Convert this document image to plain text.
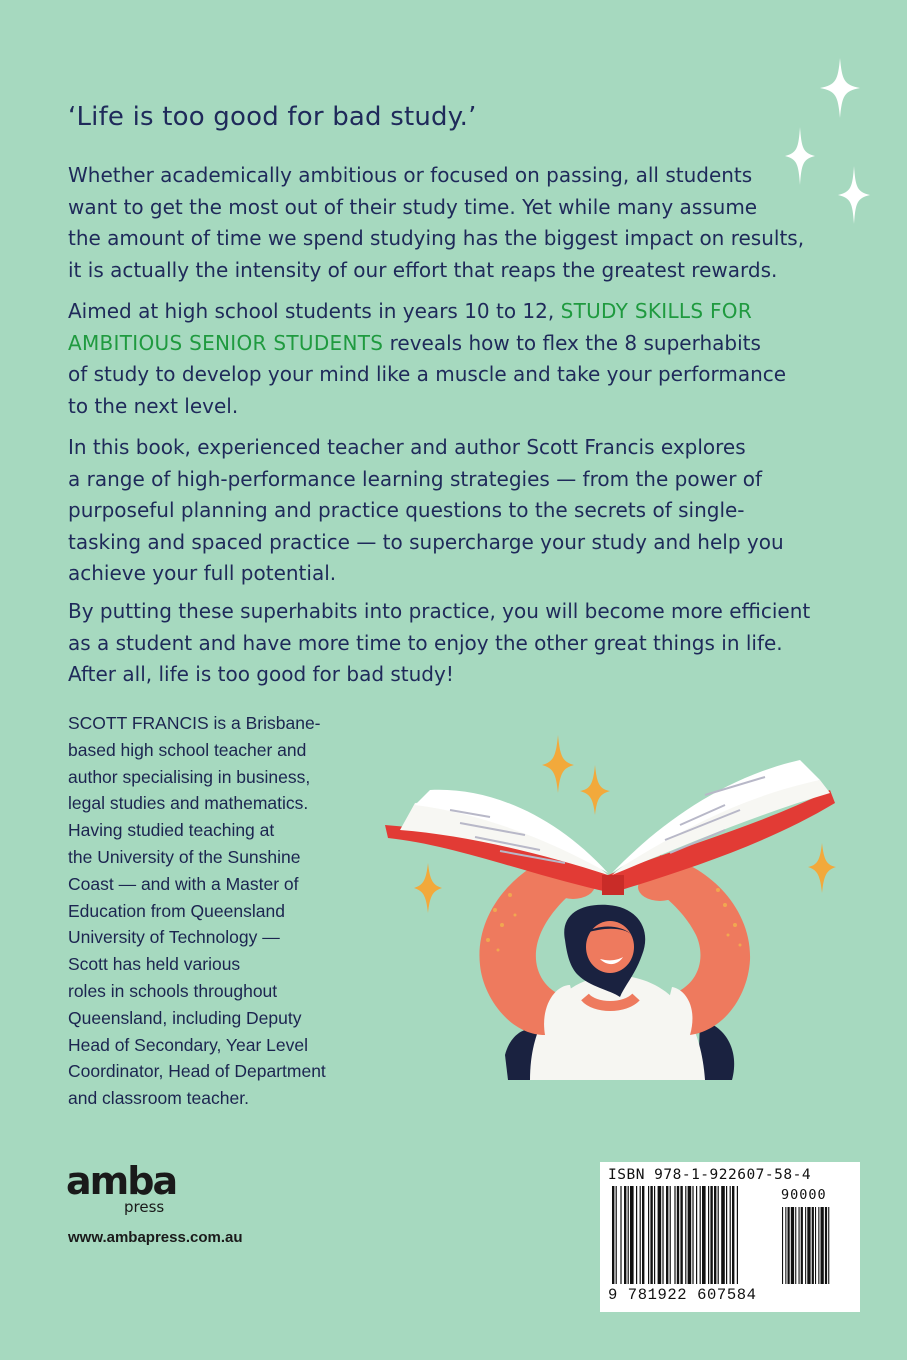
‘Life is too good for bad study.’

Whether academically ambitious or focused on passing, all students
want to get the most out of their study time. Yet while many assume
the amount of time we spend studying has the biggest impact on results,
it is actually the intensity of our effort that reaps the greatest rewards.

Aimed at high school students in years 10 to 12, STUDY SKILLS FOR
AMBITIOUS SENIOR STUDENTS reveals how to flex the 8 superhabits
of study to develop your mind like a muscle and take your performance
to the next level.

In this book, experienced teacher and author Scott Francis explores
a range of high-performance learning strategies — from the power of
purposeful planning and practice questions to the secrets of single-
tasking and spaced practice — to supercharge your study and help you
achieve your full potential.

By putting these superhabits into practice, you will become more efficient
as a student and have more time to enjoy the other great things in life.
After all, life is too good for bad study!

SCOTT FRANCIS is a Brisbane-
based high school teacher and
author specialising in business,
legal studies and mathematics.
Having studied teaching at
the University of the Sunshine
Coast — and with a Master of
Education from Queensland
University of Technology —
Scott has held various
roles in schools throughout
Queensland, including Deputy
Head of Secondary, Year Level
Coordinator, Head of Department
and classroom teacher.
amba
press
www.ambapress.com.au
ISBN 978-1-922607-58-4
90000
9 781922 607584
